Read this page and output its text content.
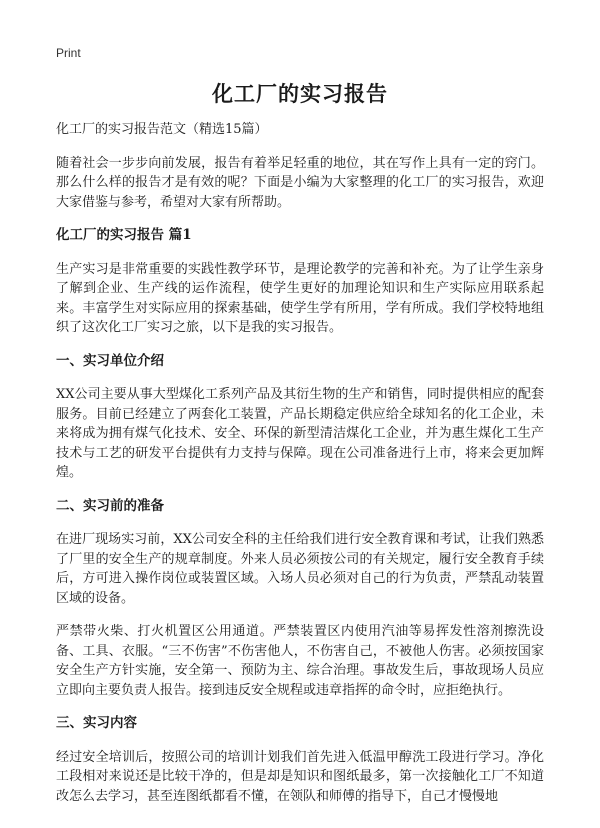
Print
化工厂的实习报告

化工厂的实习报告范文（精选15篇）

随着社会一步步向前发展，报告有着举足轻重的地位，其在写作上具有一定的窍门。那么什么样的报告才是有效的呢？下面是小编为大家整理的化工厂的实习报告，欢迎大家借鉴与参考，希望对大家有所帮助。

化工厂的实习报告 篇1

生产实习是非常重要的实践性教学环节，是理论教学的完善和补充。为了让学生亲身了解到企业、生产线的运作流程，使学生更好的加理论知识和生产实际应用联系起来。丰富学生对实际应用的探索基础，使学生学有所用，学有所成。我们学校特地组织了这次化工厂实习之旅，以下是我的实习报告。

一、实习单位介绍

XX公司主要从事大型煤化工系列产品及其衍生物的生产和销售，同时提供相应的配套服务。目前已经建立了两套化工装置，产品长期稳定供应给全球知名的化工企业，未来将成为拥有煤气化技术、安全、环保的新型清洁煤化工企业，并为惠生煤化工生产技术与工艺的研发平台提供有力支持与保障。现在公司准备进行上市，将来会更加辉煌。

二、实习前的准备

在进厂现场实习前，XX公司安全科的主任给我们进行安全教育课和考试，让我们熟悉了厂里的安全生产的规章制度。外来人员必须按公司的有关规定，履行安全教育手续后，方可进入操作岗位或装置区域。入场人员必须对自己的行为负责，严禁乱动装置区域的设备。

严禁带火柴、打火机置区公用通道。严禁装置区内使用汽油等易挥发性溶剂擦洗设备、工具、衣服。“三不伤害”不伤害他人，不伤害自己，不被他人伤害。必须按国家安全生产方针实施，安全第一、预防为主、综合治理。事故发生后，事故现场人员应立即向主要负责人报告。接到违反安全规程或违章指挥的命令时，应拒绝执行。

三、实习内容

经过安全培训后，按照公司的培训计划我们首先进入低温甲醇洗工段进行学习。净化工段相对来说还是比较干净的，但是却是知识和图纸最多，第一次接触化工厂不知道改怎么去学习，甚至连图纸都看不懂，在领队和师傅的指导下，自己才慢慢地
